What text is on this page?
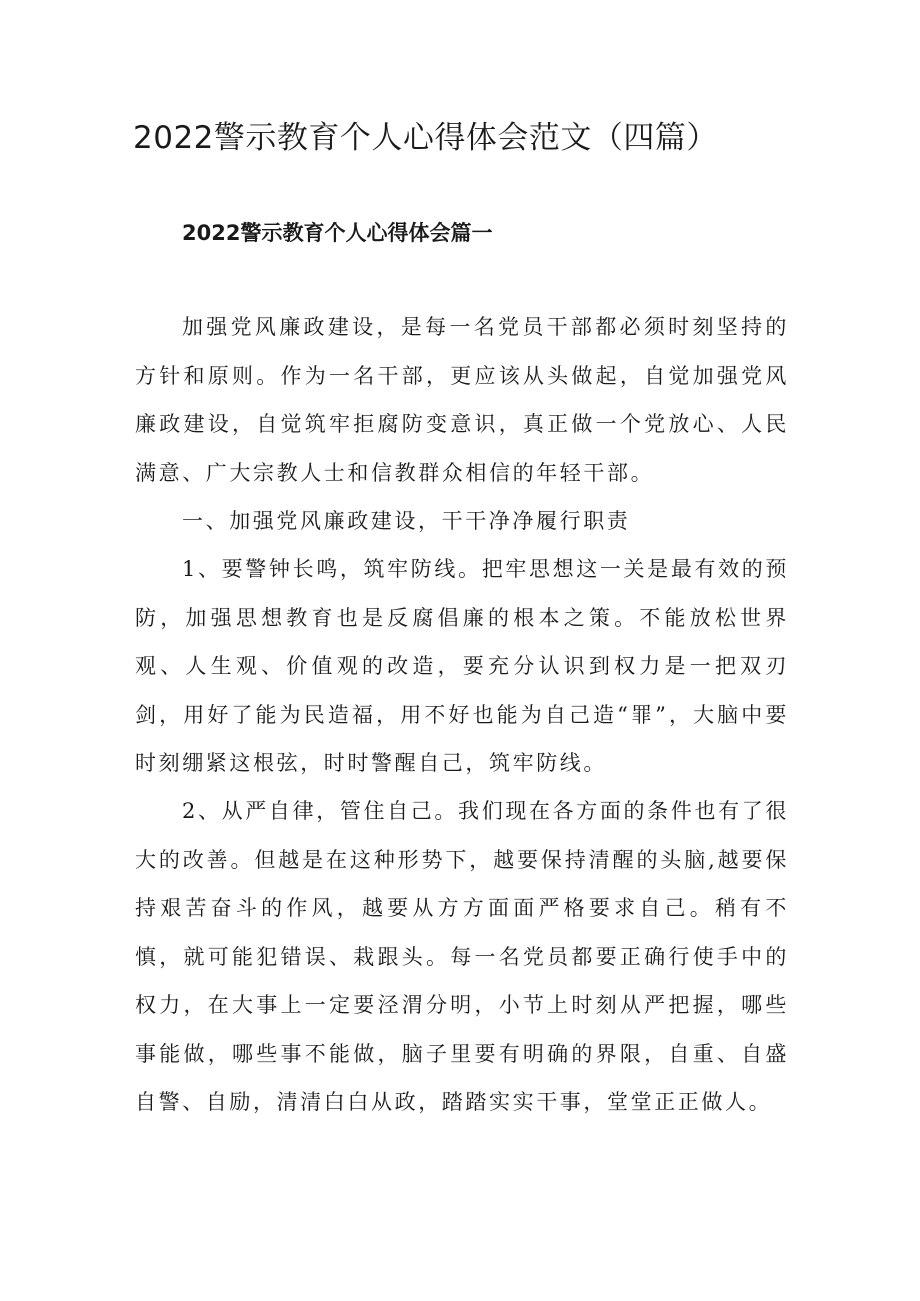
2022警示教育个人心得体会范文（四篇）
2022警示教育个人心得体会篇一

加强党风廉政建设，是每一名党员干部都必须时刻坚持的方针和原则。作为一名干部，更应该从头做起，自觉加强党风廉政建设，自觉筑牢拒腐防变意识，真正做一个党放心、人民满意、广大宗教人士和信教群众相信的年轻干部。

一、加强党风廉政建设，干干净净履行职责

1、要警钟长鸣，筑牢防线。把牢思想这一关是最有效的预防，加强思想教育也是反腐倡廉的根本之策。不能放松世界观、人生观、价值观的改造，要充分认识到权力是一把双刃剑，用好了能为民造福，用不好也能为自己造“罪”，大脑中要时刻绷紧这根弦，时时警醒自己，筑牢防线。

2、从严自律，管住自己。我们现在各方面的条件也有了很大的改善。但越是在这种形势下，越要保持清醒的头脑,越要保持艰苦奋斗的作风，越要从方方面面严格要求自己。稍有不慎，就可能犯错误、栽跟头。每一名党员都要正确行使手中的权力，在大事上一定要泾渭分明，小节上时刻从严把握，哪些事能做，哪些事不能做，脑子里要有明确的界限，自重、自盛自警、自励，清清白白从政，踏踏实实干事，堂堂正正做人。
